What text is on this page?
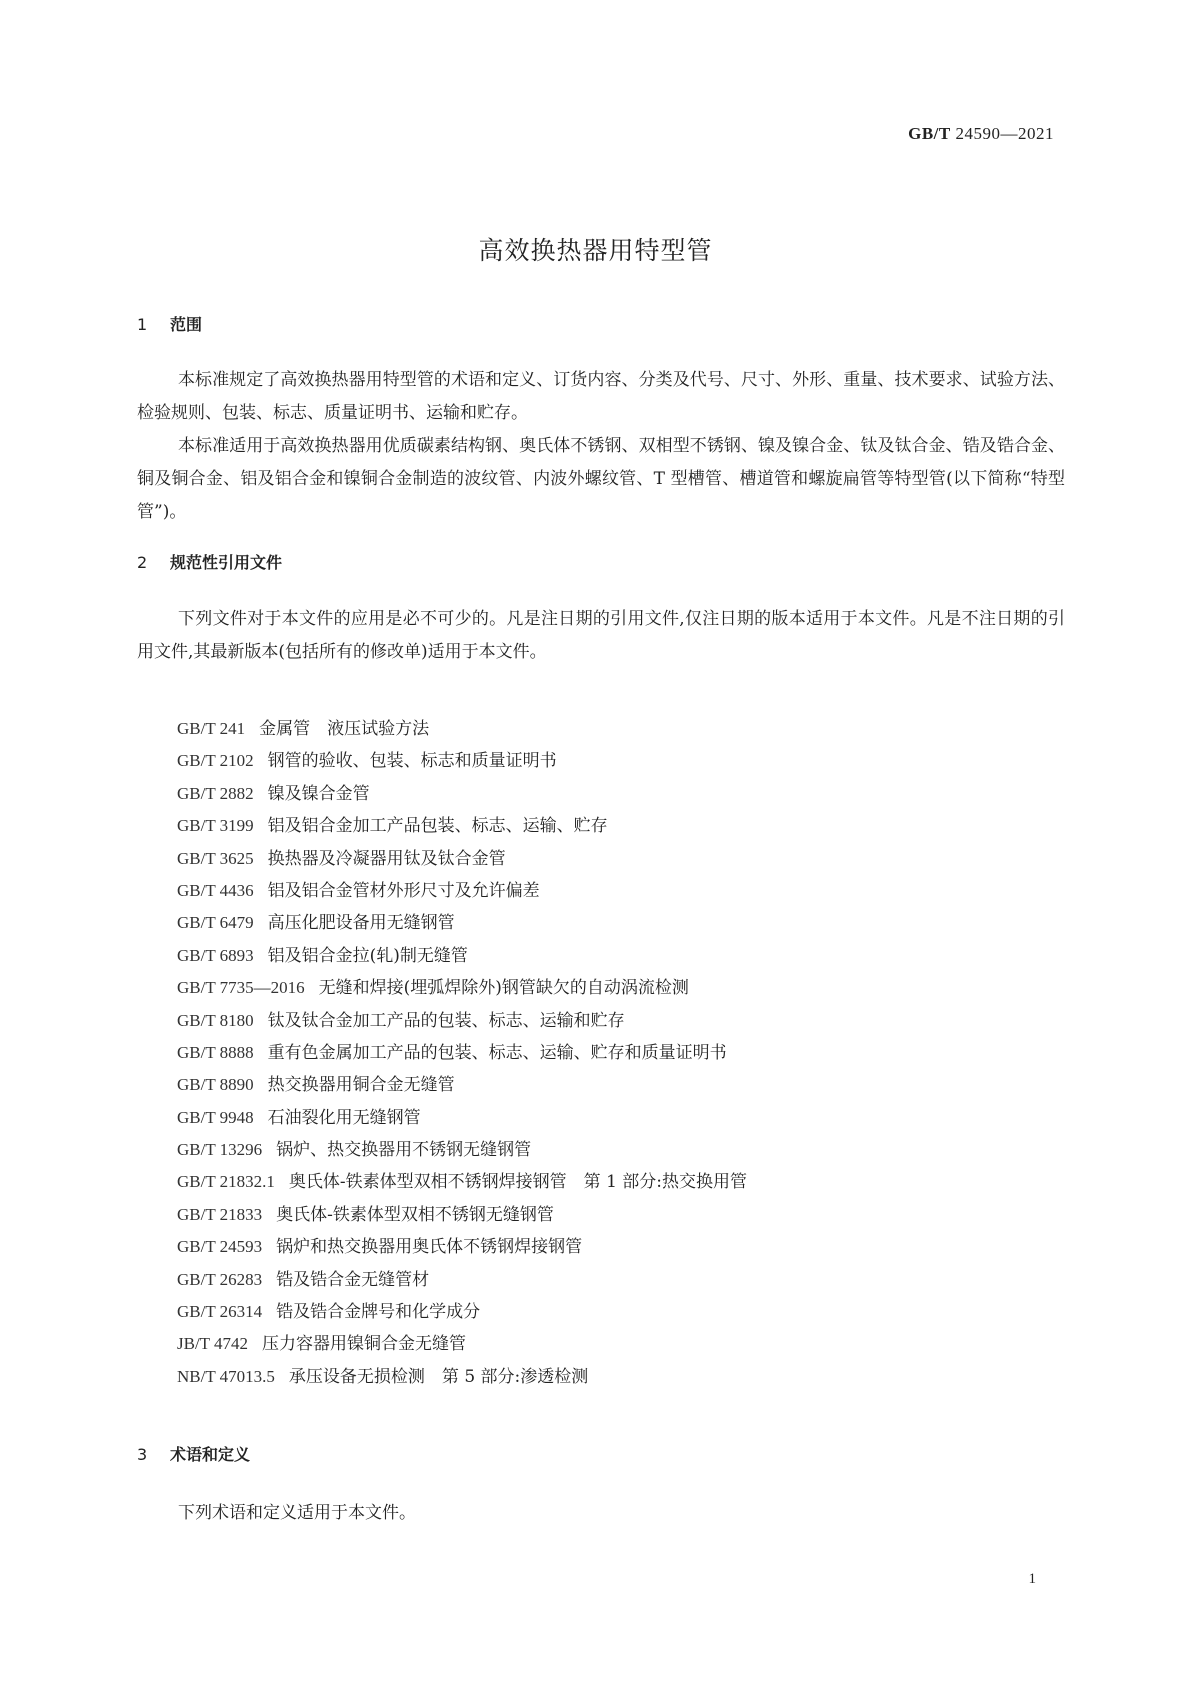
GB/T 24590—2021
高效换热器用特型管
1 范围
本标准规定了高效换热器用特型管的术语和定义、订货内容、分类及代号、尺寸、外形、重量、技术要求、试验方法、检验规则、包装、标志、质量证明书、运输和贮存。
本标准适用于高效换热器用优质碳素结构钢、奥氏体不锈钢、双相型不锈钢、镍及镍合金、钛及钛合金、锆及锆合金、铜及铜合金、铝及铝合金和镍铜合金制造的波纹管、内波外螺纹管、T 型槽管、槽道管和螺旋扁管等特型管(以下简称“特型管”)。
2 规范性引用文件
下列文件对于本文件的应用是必不可少的。凡是注日期的引用文件,仅注日期的版本适用于本文件。凡是不注日期的引用文件,其最新版本(包括所有的修改单)适用于本文件。
GB/T 241 金属管　液压试验方法
GB/T 2102 钢管的验收、包装、标志和质量证明书
GB/T 2882 镍及镍合金管
GB/T 3199 铝及铝合金加工产品包装、标志、运输、贮存
GB/T 3625 换热器及冷凝器用钛及钛合金管
GB/T 4436 铝及铝合金管材外形尺寸及允许偏差
GB/T 6479 高压化肥设备用无缝钢管
GB/T 6893 铝及铝合金拉(轧)制无缝管
GB/T 7735—2016 无缝和焊接(埋弧焊除外)钢管缺欠的自动涡流检测
GB/T 8180 钛及钛合金加工产品的包装、标志、运输和贮存
GB/T 8888 重有色金属加工产品的包装、标志、运输、贮存和质量证明书
GB/T 8890 热交换器用铜合金无缝管
GB/T 9948 石油裂化用无缝钢管
GB/T 13296 锅炉、热交换器用不锈钢无缝钢管
GB/T 21832.1 奥氏体-铁素体型双相不锈钢焊接钢管　第 1 部分:热交换用管
GB/T 21833 奥氏体-铁素体型双相不锈钢无缝钢管
GB/T 24593 锅炉和热交换器用奥氏体不锈钢焊接钢管
GB/T 26283 锆及锆合金无缝管材
GB/T 26314 锆及锆合金牌号和化学成分
JB/T 4742 压力容器用镍铜合金无缝管
NB/T 47013.5 承压设备无损检测　第 5 部分:渗透检测
3 术语和定义
下列术语和定义适用于本文件。
1
